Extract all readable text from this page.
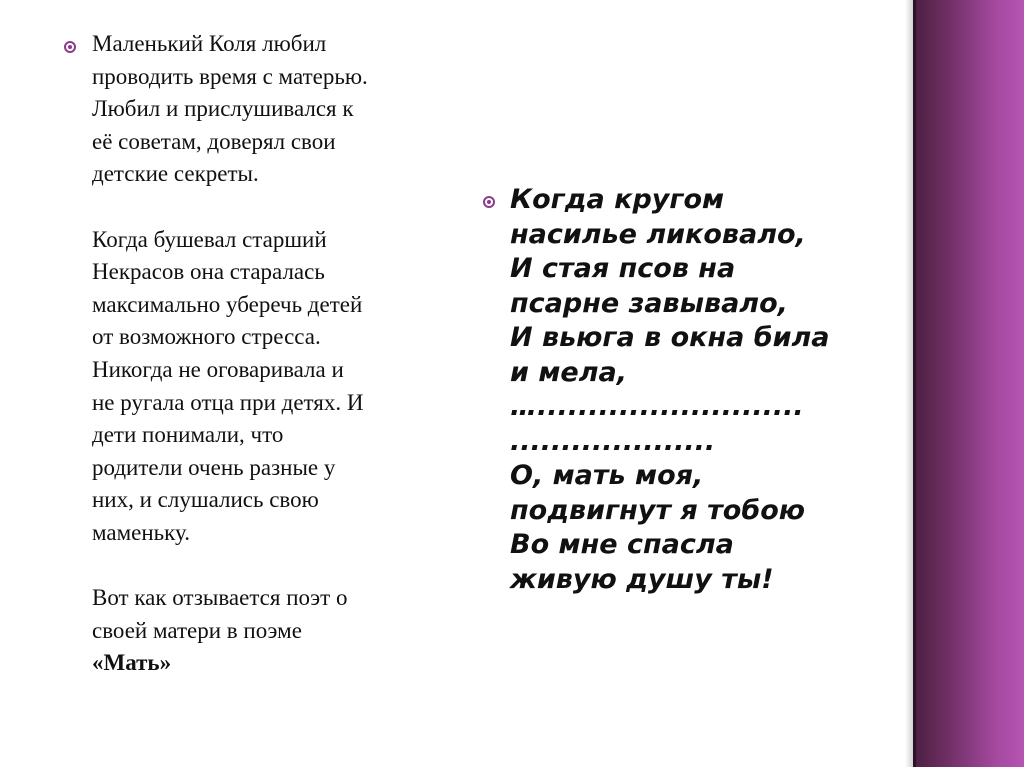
Маленький Коля любил

проводить время с матерью.

Любил и прислушивался к

её советам, доверял свои

детские секреты.

Когда бушевал старший

Некрасов она старалась

максимально уберечь детей

от возможного стресса.

Никогда не оговаривала и

не ругала отца при детях. И

дети понимали, что

родители очень разные у

них, и слушались свою

маменьку.

Вот как отзывается поэт о

своей матери в поэме

«Мать»

Когда кругом

насилье ликовало,

И стая псов на

псарне завывало,

И вьюга в окна била

и мела,

…..........................

....................

О, мать моя,

подвигнут я тобою

Во мне спасла

живую душу ты!
